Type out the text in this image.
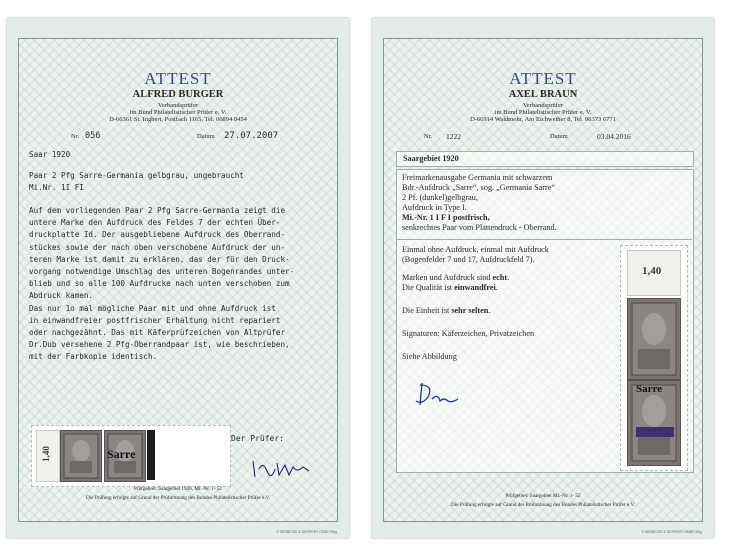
ATTEST
ALFRED BURGER
Verbandsprüfer
im Bund Philatelistischer Prüfer e. V.
D-66361 St. Ingbert, Postfach 1165, Tel. 06894 8454
Nr. 056	Datum 27.07.2007
Saar 1920
Paar 2 Pfg Sarre-Germania gelbgrau, ungebraucht
Mi.Nr. 1I FI
Auf dem vorliegenden Paar 2 Pfg Sarre-Germania zeigt die
untere Marke den Aufdruck des Feldes 7 der echten Über-
druckplatte Id. Der ausgebliebene Aufdruck des Oberrand-
stückes sowie der nach oben verschobene Aufdruck der un-
teren Marke ist damit zu erklären, das der für den Druck-
vorgang notwendige Umschlag des unteren Bogenrandes unter-
blieb und so alle 100 Aufdrucke nach unten verschoben zum
Abdruck kamen.
Das nur 1o mal mögliche Paar mit und ohne Aufdruck ist
in einwandfreier postfrischer Erhaltung nicht repariert
oder nachgezähnt. Das mit Käferprüfzeichen von Altprüfer
Dr.Dub versehene 2 Pfg-Oberrandpaar ist, wie beschrieben,
mit der Farbkopie identisch.
1,40	Sarre
Der Prüfer:
Prüfgebiet: Saargebiet 1920, Mi.-Nr. 1- 52
Die Prüfung erfolgte auf Grund der Prüfordnung des Bundes Philatelistischer Prüfer e.V.
© SIEBECKE & DEPPERT GMBH Hbg
ATTEST
AXEL BRAUN
Verbandsprüfer
im Bund Philatelistischer Prüfer e. V.
D-66914 Waldmohr, Am Eichweiher 8, Tel. 06373 6771
Nr. 1222	Datum	03.04.2016
Saargebiet 1920
Freimarkenausgabe Germania mit schwarzem
Bdr.-Aufdruck „Sarre“, sog. „Germania Sarre“
2 Pf. (dunkel)gelbgrau,
Aufdruck in Type I.
Mi.-Nr. 1 I F I postfrisch,
senkrechtes Paar vom Plattendruck - Oberrand.
Einmal ohne Aufdruck, einmal mit Aufdruck
(Bogenfelder 7 und 17, Aufdruckfeld 7).
Marken und Aufdruck sind echt.
Die Qualität ist einwandfrei.
Die Einheit ist sehr selten.
Signaturen: Käferzeichen, Privatzeichen
Siehe Abbildung
1,40
Sarre
Prüfgebiet: Saargebiet Mi.-Nr. 1- 52
Die Prüfung erfolgte auf Grund der Prüfordnung des Bundes Philatelistischer Prüfer e.V.
© SIEBECKE & DEPPERT GMBH Hbg
